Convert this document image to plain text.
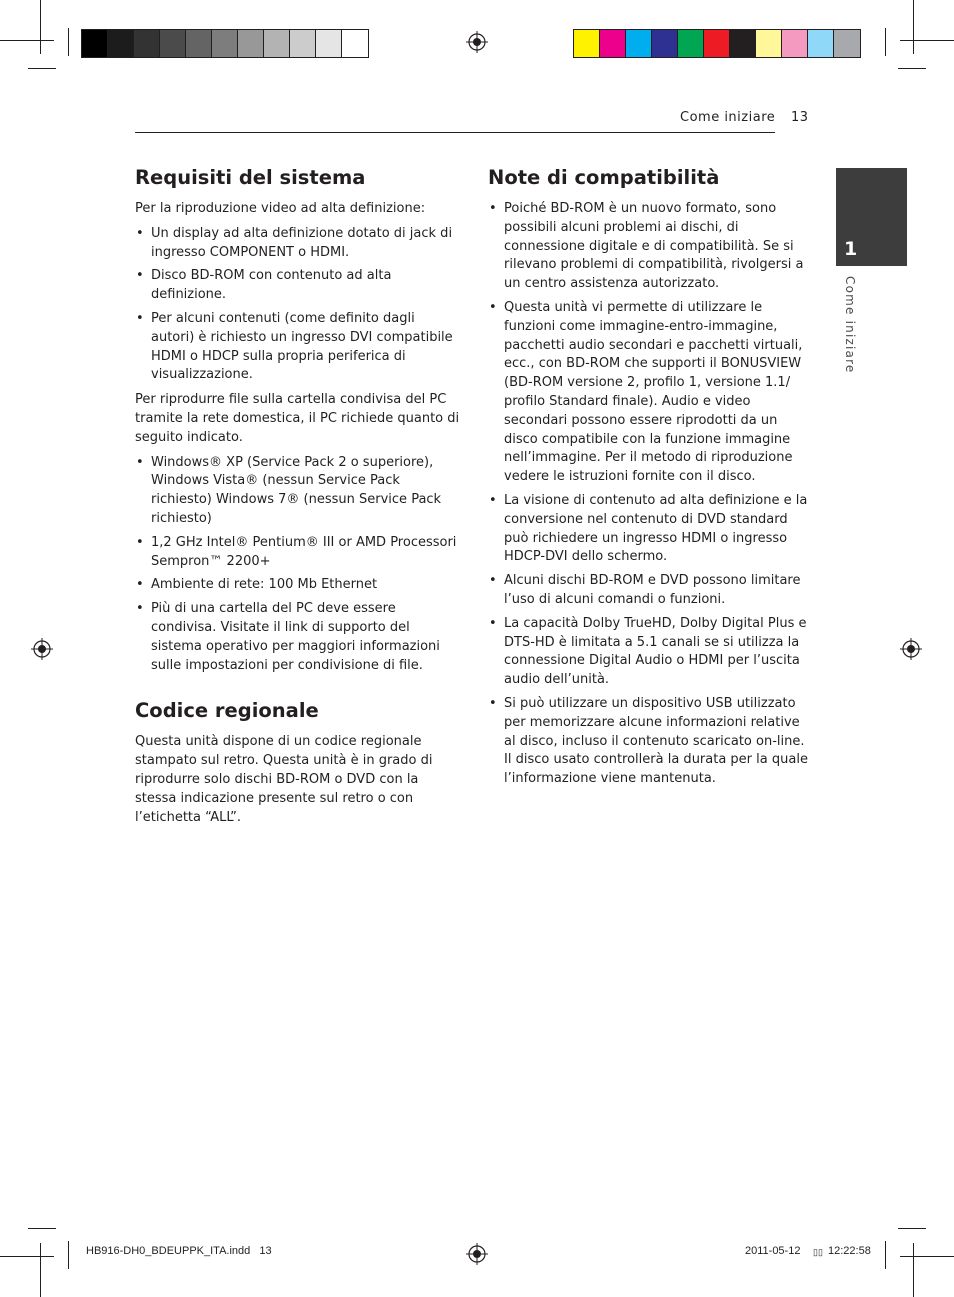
Come iniziare 13
1
Come iniziare
Requisiti del sistema

Per la riproduzione video ad alta definizione:

• Un display ad alta definizione dotato di jack di ingresso COMPONENT o HDMI.
• Disco BD-ROM con contenuto ad alta definizione.
• Per alcuni contenuti (come definito dagli autori) è richiesto un ingresso DVI compatibile HDMI o HDCP sulla propria periferica di visualizzazione.

Per riprodurre file sulla cartella condivisa del PC tramite la rete domestica, il PC richiede quanto di seguito indicato.

• Windows® XP (Service Pack 2 o superiore), Windows Vista® (nessun Service Pack richiesto) Windows 7® (nessun Service Pack richiesto)
• 1,2 GHz Intel® Pentium® III or AMD Processori Sempron™ 2200+
• Ambiente di rete: 100 Mb Ethernet
• Più di una cartella del PC deve essere condivisa. Visitate il link di supporto del sistema operativo per maggiori informazioni sulle impostazioni per condivisione di file.
Codice regionale

Questa unità dispone di un codice regionale stampato sul retro. Questa unità è in grado di riprodurre solo dischi BD-ROM o DVD con la stessa indicazione presente sul retro o con l’etichetta “ALL”.

Note di compatibilità
• Poiché BD-ROM è un nuovo formato, sono possibili alcuni problemi ai dischi, di connessione digitale e di compatibilità. Se si rilevano problemi di compatibilità, rivolgersi a un centro assistenza autorizzato.
• Questa unità vi permette di utilizzare le funzioni come immagine-entro-immagine, pacchetti audio secondari e pacchetti virtuali, ecc., con BD-ROM che supporti il BONUSVIEW (BD-ROM versione 2, profilo 1, versione 1.1/ profilo Standard finale). Audio e video secondari possono essere riprodotti da un disco compatibile con la funzione immagine nell’immagine. Per il metodo di riproduzione vedere le istruzioni fornite con il disco.
• La visione di contenuto ad alta definizione e la conversione nel contenuto di DVD standard può richiedere un ingresso HDMI o ingresso HDCP-DVI dello schermo.
• Alcuni dischi BD-ROM e DVD possono limitare l’uso di alcuni comandi o funzioni.
• La capacità Dolby TrueHD, Dolby Digital Plus e DTS-HD è limitata a 5.1 canali se si utilizza la connessione Digital Audio o HDMI per l’uscita audio dell’unità.
• Si può utilizzare un dispositivo USB utilizzato per memorizzare alcune informazioni relative al disco, incluso il contenuto scaricato on-line. Il disco usato controllerà la durata per la quale l’informazione viene mantenuta.
HB916-DH0_BDEUPPK_ITA.indd   13	2011-05-12 ▯▯ 12:22:58
